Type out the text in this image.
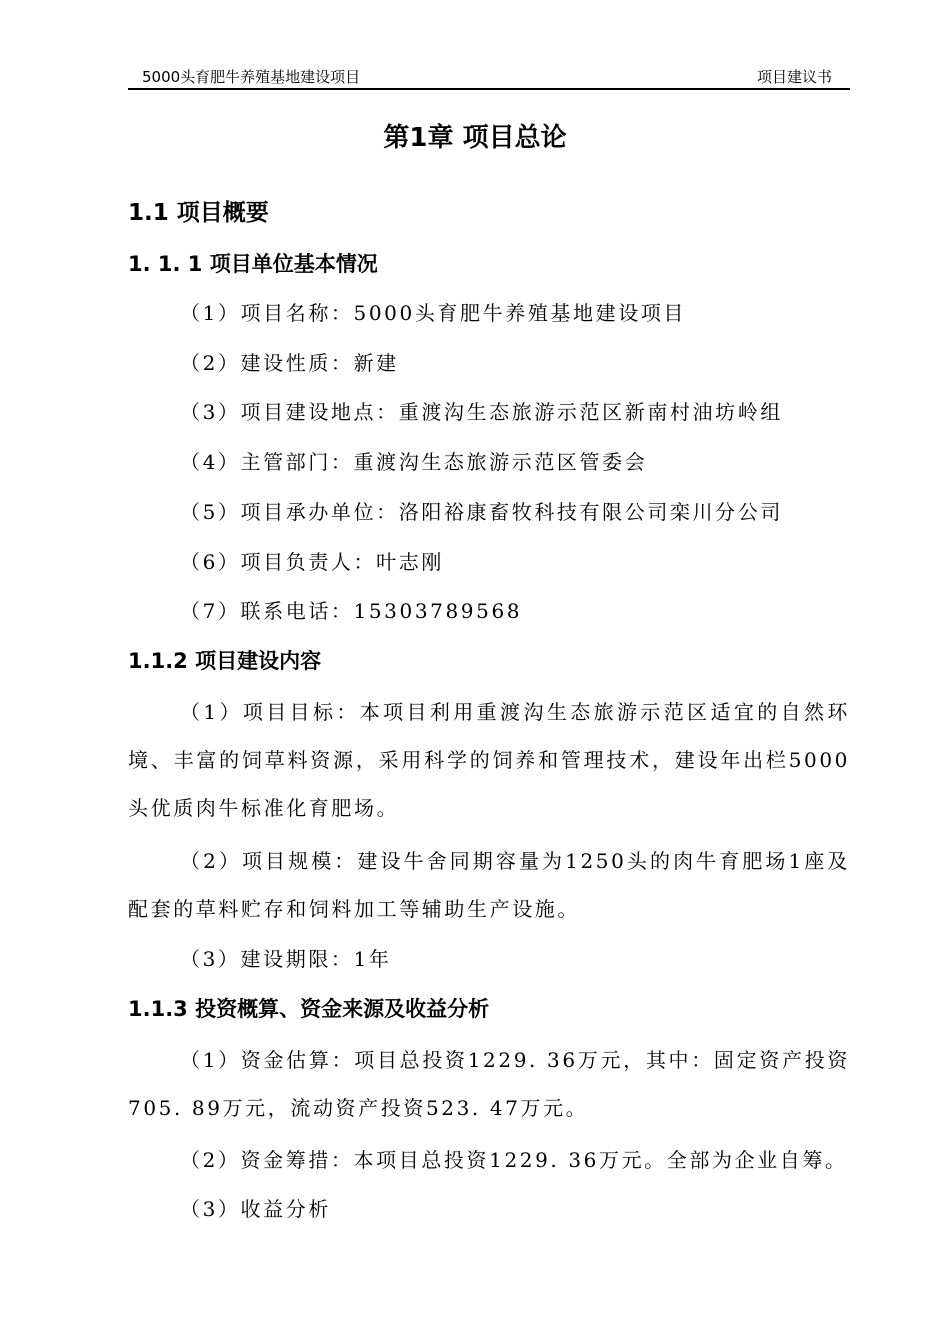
5000头育肥牛养殖基地建设项目	项目建议书
第1章 项目总论
1.1 项目概要
1. 1. 1 项目单位基本情况
（1）项目名称：5000头育肥牛养殖基地建设项目
（2）建设性质：新建
（3）项目建设地点：重渡沟生态旅游示范区新南村油坊岭组
（4）主管部门：重渡沟生态旅游示范区管委会
（5）项目承办单位：洛阳裕康畜牧科技有限公司栾川分公司
（6）项目负责人：叶志刚
（7）联系电话：15303789568
1.1.2 项目建设内容
（1）项目目标：本项目利用重渡沟生态旅游示范区适宜的自然环境、丰富的饲草料资源，采用科学的饲养和管理技术，建设年出栏5000头优质肉牛标准化育肥场。
（2）项目规模：建设牛舍同期容量为1250头的肉牛育肥场1座及配套的草料贮存和饲料加工等辅助生产设施。
（3）建设期限：1年
1.1.3 投资概算、资金来源及收益分析
（1）资金估算：项目总投资1229. 36万元，其中：固定资产投资705. 89万元，流动资产投资523. 47万元。
（2）资金筹措：本项目总投资1229. 36万元。全部为企业自筹。
（3）收益分析
